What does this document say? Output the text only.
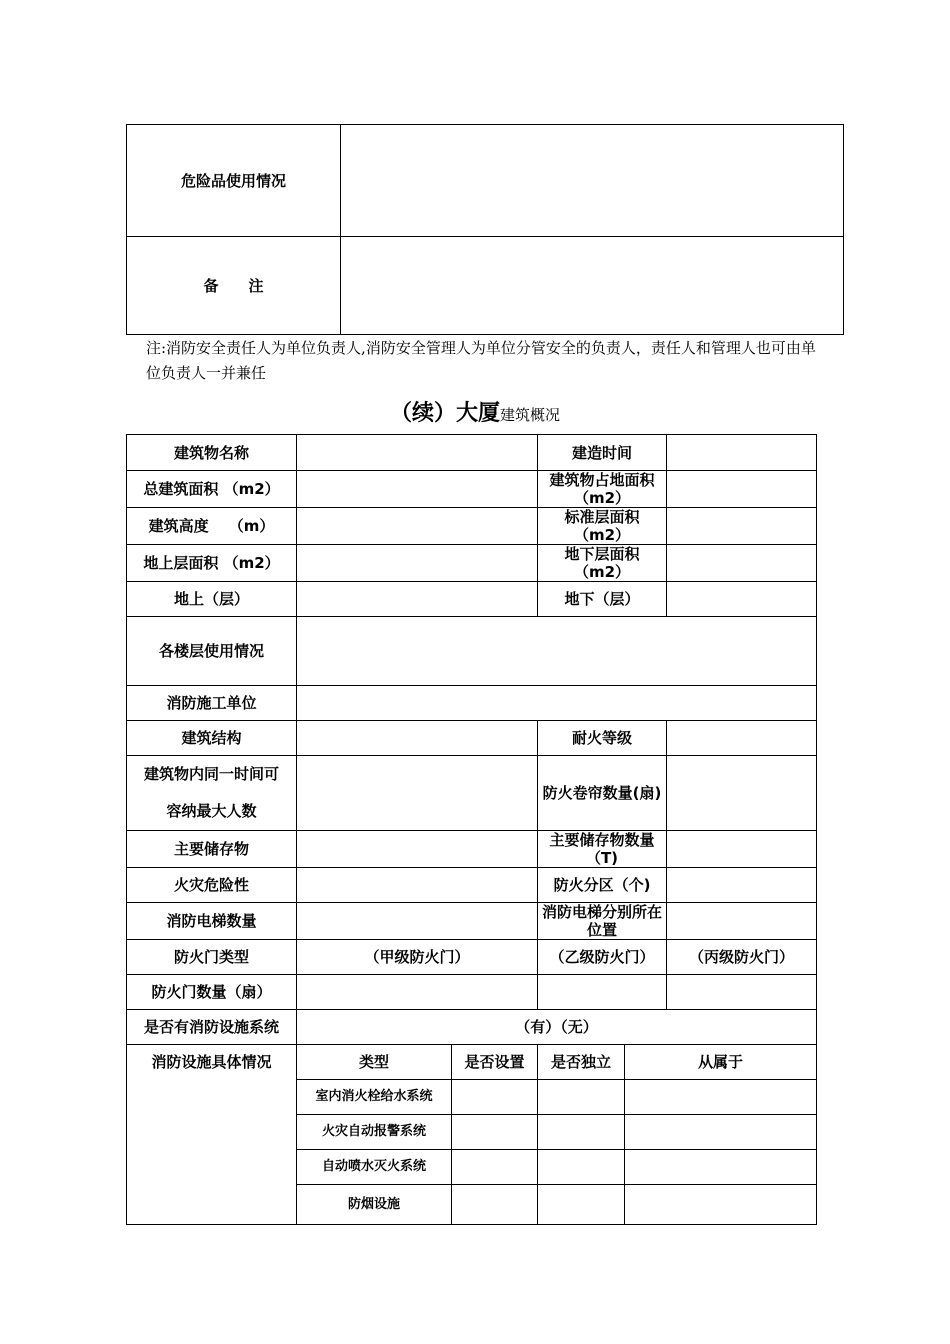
危险品使用情况	
备　　注	
注:消防安全责任人为单位负责人,消防安全管理人为单位分管安全的负责人，责任人和管理人也可由单位负责人一并兼任
（续）大厦建筑概况
建筑物名称			建造时间		
总建筑面积 （m2）			建筑物占地面积（m2）		
建筑高度　 （m）			标准层面积　 （m2）		
地上层面积 （m2）			地下层面积　　（m2）		
地上（层）			地下（层）		
各楼层使用情况					
消防施工单位					
建筑结构			耐火等级		

建筑物内同一时间可
容纳最大人数			防火卷帘数量(扇)		
主要储存物			主要储存物数量（T)		
火灾危险性			防火分区（个)		
消防电梯数量			消防电梯分别所在位置		
防火门类型	（甲级防火门）		（乙级防火门）		（丙级防火门）
防火门数量（扇）					
是否有消防设施系统	（有）（无）				
消防设施具体情况	类型	是否设置	是否独立	从属于	
	室内消火栓给水系统				
	火灾自动报警系统				
	自动喷水灭火系统				
	防烟设施				
